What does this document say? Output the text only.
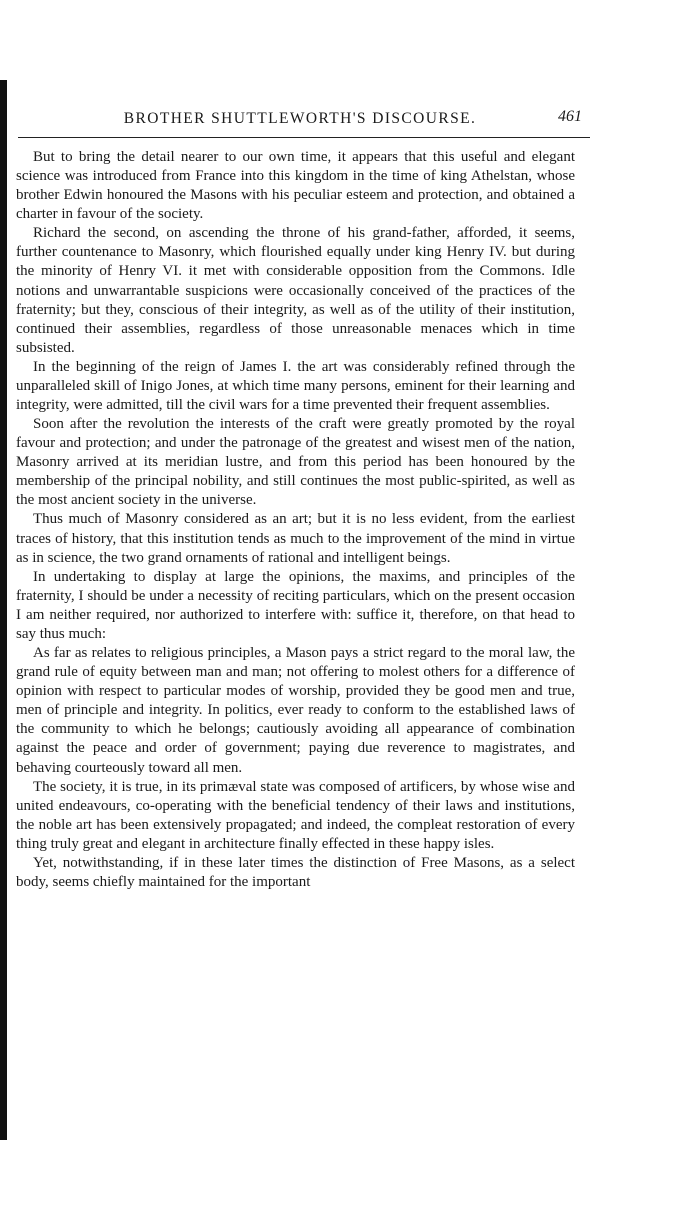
BROTHER SHUTTLEWORTH'S DISCOURSE.	461

But to bring the detail nearer to our own time, it appears that this useful and elegant science was introduced from France into this kingdom in the time of king Athelstan, whose brother Edwin honoured the Masons with his peculiar esteem and protection, and obtained a charter in favour of the society.

Richard the second, on ascending the throne of his grand-father, afforded, it seems, further countenance to Masonry, which flourished equally under king Henry IV. but during the minority of Henry VI. it met with considerable opposition from the Commons. Idle notions and unwarrantable suspicions were occasionally conceived of the practices of the fraternity; but they, conscious of their integrity, as well as of the utility of their institution, continued their assemblies, regardless of those unreasonable menaces which in time subsisted.

In the beginning of the reign of James I. the art was considerably refined through the unparalleled skill of Inigo Jones, at which time many persons, eminent for their learning and integrity, were admitted, till the civil wars for a time prevented their frequent assemblies.

Soon after the revolution the interests of the craft were greatly promoted by the royal favour and protection; and under the patronage of the greatest and wisest men of the nation, Masonry arrived at its meridian lustre, and from this period has been honoured by the membership of the principal nobility, and still continues the most public-spirited, as well as the most ancient society in the universe.

Thus much of Masonry considered as an art; but it is no less evident, from the earliest traces of history, that this institution tends as much to the improvement of the mind in virtue as in science, the two grand ornaments of rational and intelligent beings.

In undertaking to display at large the opinions, the maxims, and principles of the fraternity, I should be under a necessity of reciting particulars, which on the present occasion I am neither required, nor authorized to interfere with: suffice it, therefore, on that head to say thus much:

As far as relates to religious principles, a Mason pays a strict regard to the moral law, the grand rule of equity between man and man; not offering to molest others for a difference of opinion with respect to particular modes of worship, provided they be good men and true, men of principle and integrity. In politics, ever ready to conform to the established laws of the community to which he belongs; cautiously avoiding all appearance of combination against the peace and order of government; paying due reverence to magistrates, and behaving courteously toward all men.

The society, it is true, in its primæval state was composed of artificers, by whose wise and united endeavours, co-operating with the beneficial tendency of their laws and institutions, the noble art has been extensively propagated; and indeed, the compleat restoration of every thing truly great and elegant in architecture finally effected in these happy isles.

Yet, notwithstanding, if in these later times the distinction of Free Masons, as a select body, seems chiefly maintained for the important
